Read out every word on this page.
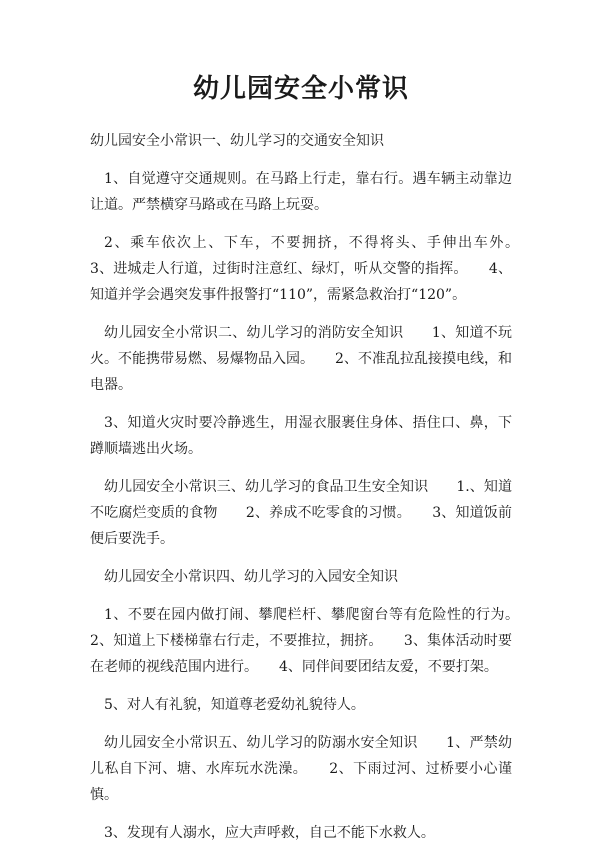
幼儿园安全小常识

幼儿园安全小常识一、幼儿学习的交通安全知识

1、自觉遵守交通规则。在马路上行走，靠右行。遇车辆主动靠边让道。严禁横穿马路或在马路上玩耍。

2、乘车依次上、下车，不要拥挤，不得将头、手伸出车外。　　3、进城走人行道，过街时注意红、绿灯，听从交警的指挥。　　4、知道并学会遇突发事件报警打“110”，需紧急救治打“120”。

幼儿园安全小常识二、幼儿学习的消防安全知识　　1、知道不玩火。不能携带易燃、易爆物品入园。　　2、不准乱拉乱接摸电线，和电器。

3、知道火灾时要冷静逃生，用湿衣服裹住身体、捂住口、鼻，下蹲顺墙逃出火场。

幼儿园安全小常识三、幼儿学习的食品卫生安全知识　　1.、知道不吃腐烂变质的食物　　2、养成不吃零食的习惯。　　3、知道饭前便后要洗手。

幼儿园安全小常识四、幼儿学习的入园安全知识

1、不要在园内做打闹、攀爬栏杆、攀爬窗台等有危险性的行为。　　2、知道上下楼梯靠右行走，不要推拉，拥挤。　　3、集体活动时要在老师的视线范围内进行。　　4、同伴间要团结友爱，不要打架。

5、对人有礼貌，知道尊老爱幼礼貌待人。

幼儿园安全小常识五、幼儿学习的防溺水安全知识　　1、严禁幼儿私自下河、塘、水库玩水洗澡。　　2、下雨过河、过桥要小心谨慎。

3、发现有人溺水，应大声呼救，自己不能下水救人。
